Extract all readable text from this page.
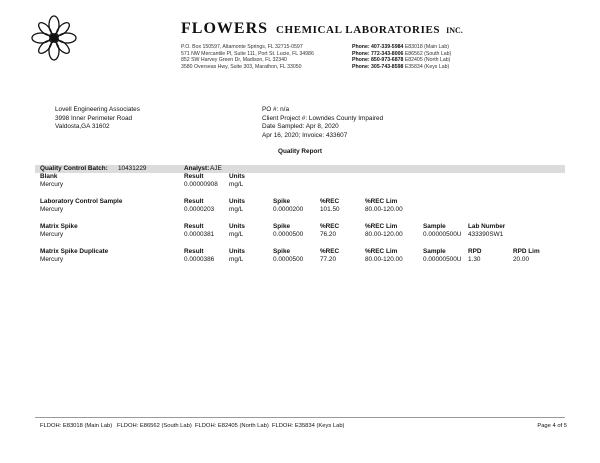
FLOWERS CHEMICAL LABORATORIES INC.
P.O. Box 150597, Altamonte Springs, FL 32715-0597
571 NW Mercantile Pl, Suite 111, Port St. Lucie, FL 34986
852 SW Harvey Green Dr, Madison, FL 32340
3580 Overseas Hwy, Suite 303, Marathon, FL 33050
Phone: 407-339-5984 E83018 (Main Lab)
Phone: 772-343-8006 E86562 (South Lab)
Phone: 850-973-6878 E82405 (North Lab)
Phone: 305-743-8598 E35834 (Keys Lab)
Lovell Engineering Associates
3998 Inner Perimeter Road
Valdosta,GA 31602
PO #: n/a
Client Project #: Lowndes County Impaired
Date Sampled: Apr 8, 2020
Apr 16, 2020; Invoice: 433607
Quality Report
Quality Control Batch: 10431229	Analyst: AJE
Blank	Result	Units
Mercury	0.00000908 mg/L
Laboratory Control Sample	Result	Units	Spike	%REC	%REC Lim
Mercury	0.0000203 mg/L	0.0000200	101.50	80.00-120.00
Matrix Spike	Result	Units	Spike	%REC	%REC Lim	Sample	Lab Number
Mercury	0.0000381 mg/L	0.0000500	76.20	80.00-120.00	0.00000500U 433390SW1
Matrix Spike Duplicate	Result	Units	Spike	%REC	%REC Lim	Sample	RPD	RPD Lim
Mercury	0.0000386 mg/L	0.0000500	77.20	80.00-120.00	0.00000500U 1.30	20.00
FLDOH: E83018 (Main Lab)   FLDOH: E86562 (South Lab)  FLDOH: E82405 (North Lab)  FLDOH: E35834 (Keys Lab)	Page 4 of 5
